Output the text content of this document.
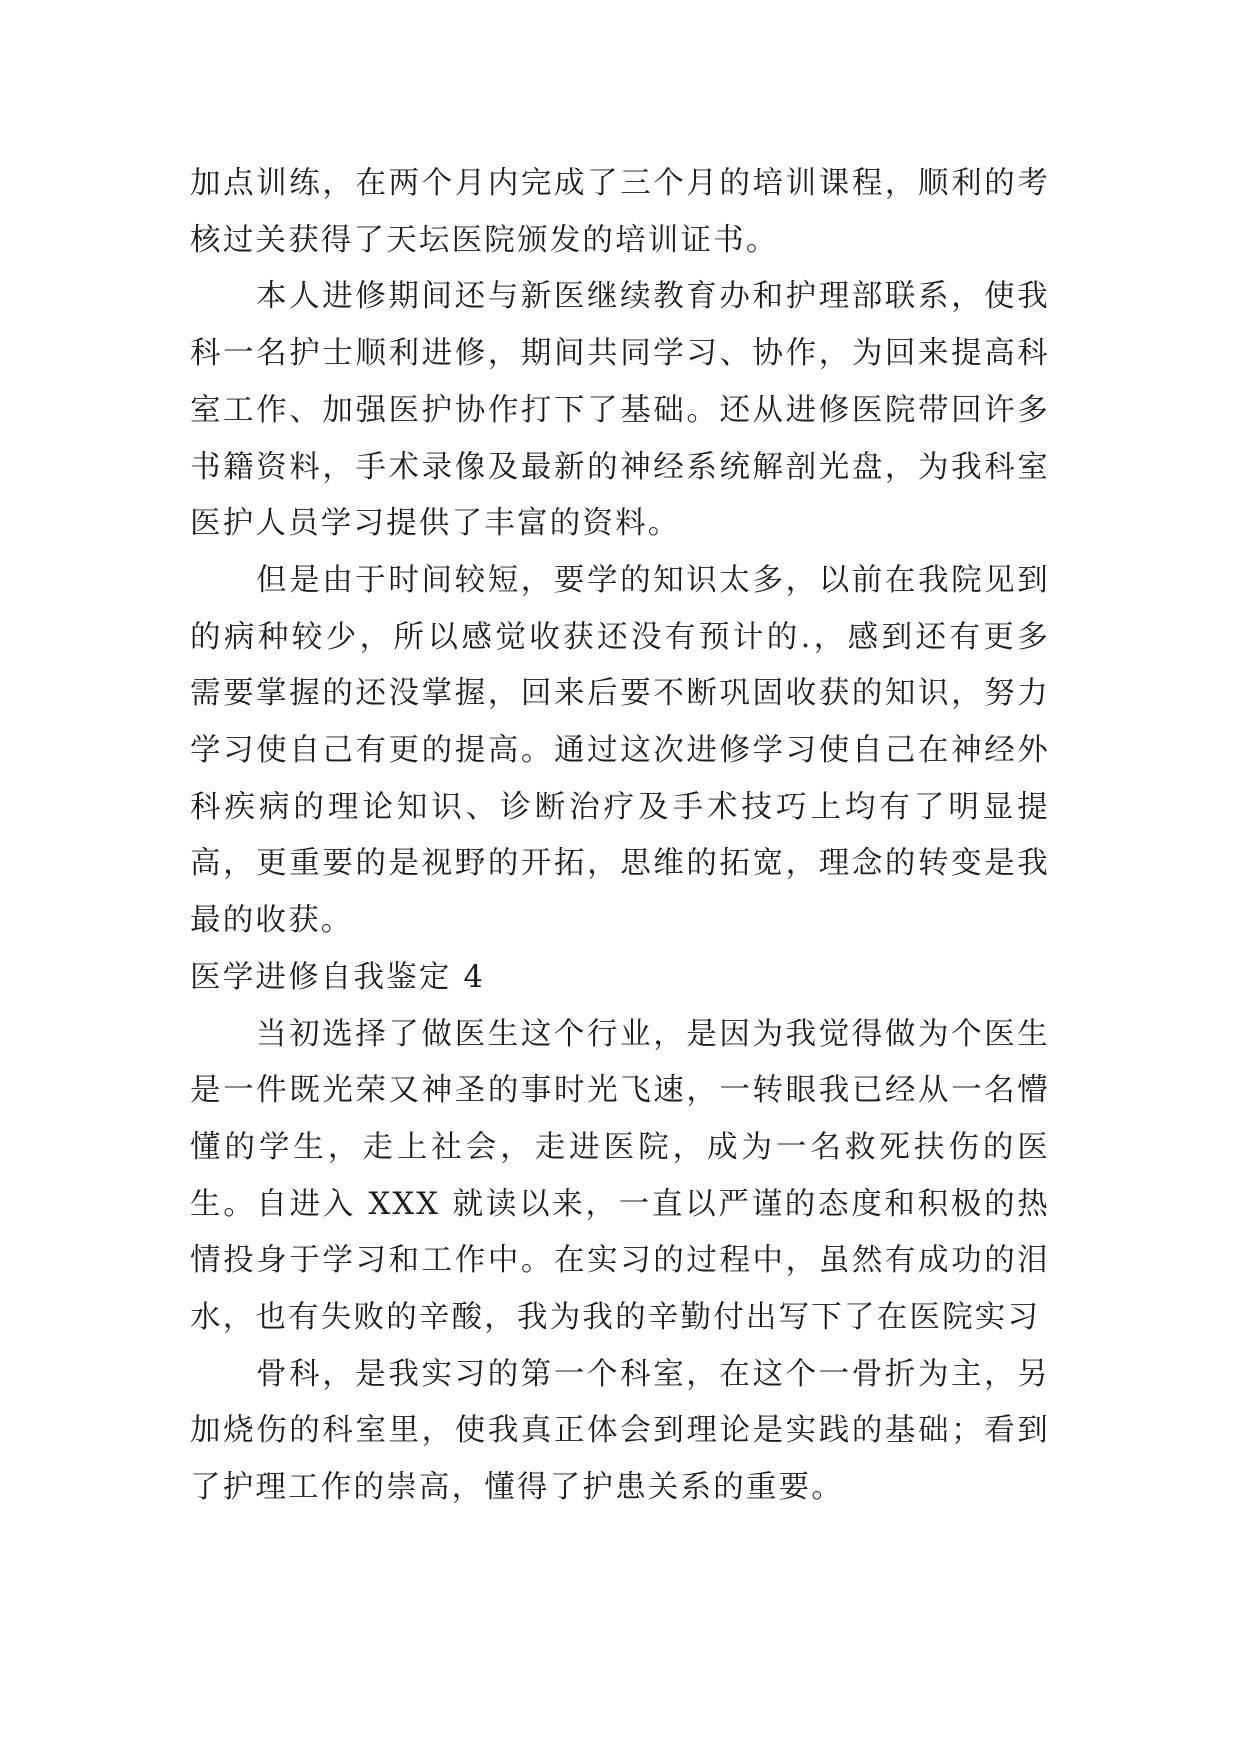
加点训练，在两个月内完成了三个月的培训课程，顺利的考核过关获得了天坛医院颁发的培训证书。

本人进修期间还与新医继续教育办和护理部联系，使我科一名护士顺利进修，期间共同学习、协作，为回来提高科室工作、加强医护协作打下了基础。还从进修医院带回许多书籍资料，手术录像及最新的神经系统解剖光盘，为我科室医护人员学习提供了丰富的资料。

但是由于时间较短，要学的知识太多，以前在我院见到的病种较少，所以感觉收获还没有预计的.，感到还有更多需要掌握的还没掌握，回来后要不断巩固收获的知识，努力学习使自己有更的提高。通过这次进修学习使自己在神经外科疾病的理论知识、诊断治疗及手术技巧上均有了明显提高，更重要的是视野的开拓，思维的拓宽，理念的转变是我最的收获。

医学进修自我鉴定 4

当初选择了做医生这个行业，是因为我觉得做为个医生是一件既光荣又神圣的事时光飞速，一转眼我已经从一名懵懂的学生，走上社会，走进医院，成为一名救死扶伤的医生。自进入 XXX 就读以来，一直以严谨的态度和积极的热情投身于学习和工作中。在实习的过程中，虽然有成功的泪水，也有失败的辛酸，我为我的辛勤付出写下了在医院实习

骨科，是我实习的第一个科室，在这个一骨折为主，另加烧伤的科室里，使我真正体会到理论是实践的基础；看到了护理工作的崇高，懂得了护患关系的重要。
